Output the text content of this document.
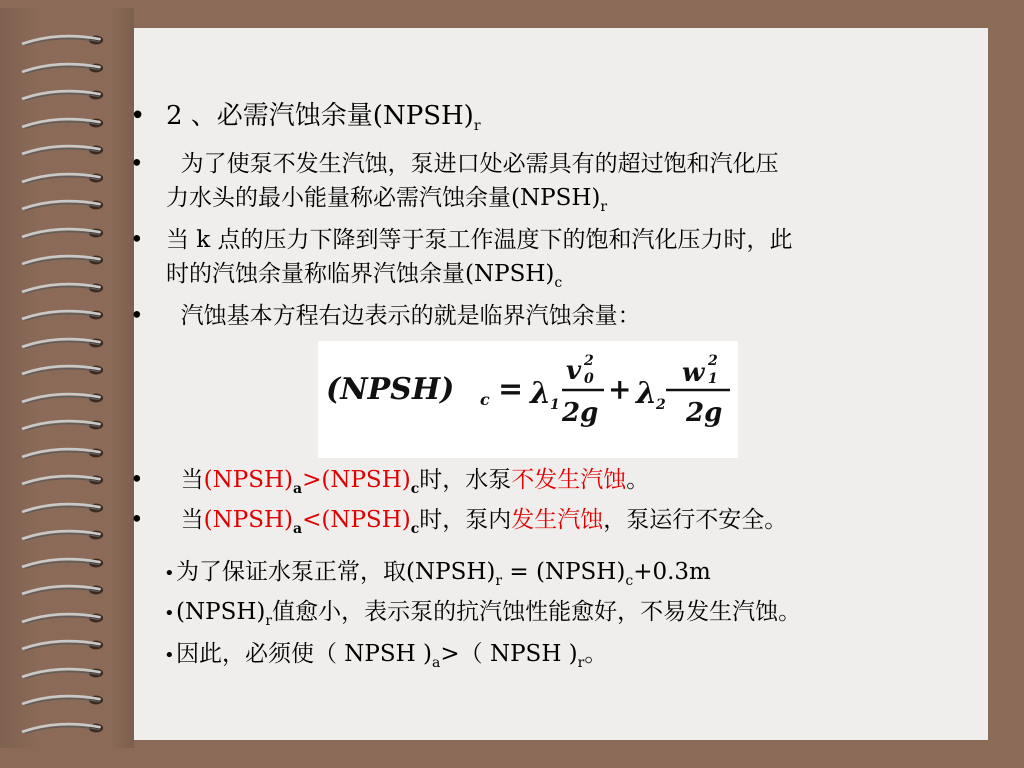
• 2 、必需汽蚀余量$(NPSH)_r$
•  为了使泵不发生汽蚀，泵进口处必需具有的超过饱和汽化压
力水头的最小能量称必需汽蚀余量$(NPSH)_r$
• 当 k 点的压力下降到等于泵工作温度下的饱和汽化压力时，此
时的汽蚀余量称临界汽蚀余量$(NPSH)_c$
•  汽蚀基本方程右边表示的就是临界汽蚀余量：
(NPSH) c = λ
1
v 2
0
2g
+ λ
2
w 2
1
2g
•  当$(NPSH)_a>(NPSH)_c$时，水泵不发生汽蚀。
•  当$(NPSH)_a<(NPSH)_c$时，泵内发生汽蚀，泵运行不安全。
•为了保证水泵正常，取$(NPSH)_r$ = $(NPSH)_c+0.3m$
$•(NPSH)_r$值愈小，表示泵的抗汽蚀性能愈好，不易发生汽蚀。
•因此，必须使（ NPSH )$_a>$（ NPSH )$_r$。
